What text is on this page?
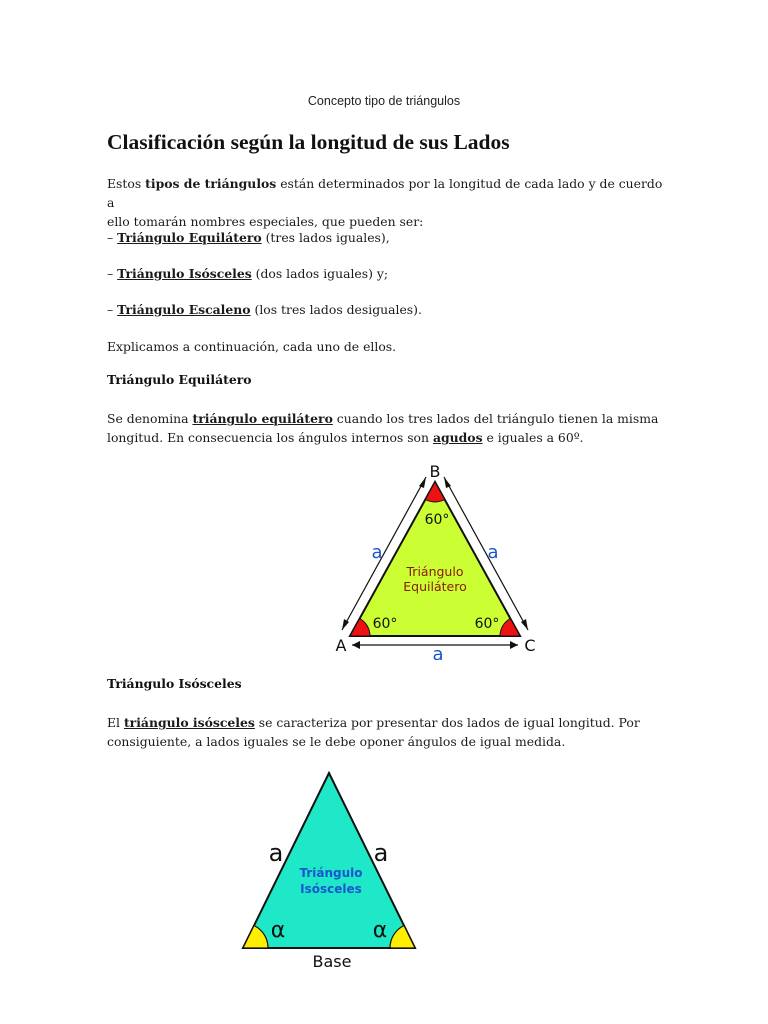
Concepto tipo de triángulos
Clasificación según la longitud de sus Lados
Estos tipos de triángulos están determinados por la longitud de cada lado y de cuerdo a
ello tomarán nombres especiales, que pueden ser:
– Triángulo Equilátero (tres lados iguales),
– Triángulo Isósceles (dos lados iguales) y;
– Triángulo Escaleno (los tres lados desiguales).
Explicamos a continuación, cada uno de ellos.
Triángulo Equilátero
Se denomina triángulo equilátero cuando los tres lados del triángulo tienen la misma
longitud. En consecuencia los ángulos internos son agudos e iguales a 60º.
B
A	C
a	a
a
60°
60°	60°
Triángulo
Equilátero
Triángulo Isósceles
El triángulo isósceles se caracteriza por presentar dos lados de igual longitud. Por
consiguiente, a lados iguales se le debe oponer ángulos de igual medida.
a	a
α	α
Base
Triángulo
Isósceles
